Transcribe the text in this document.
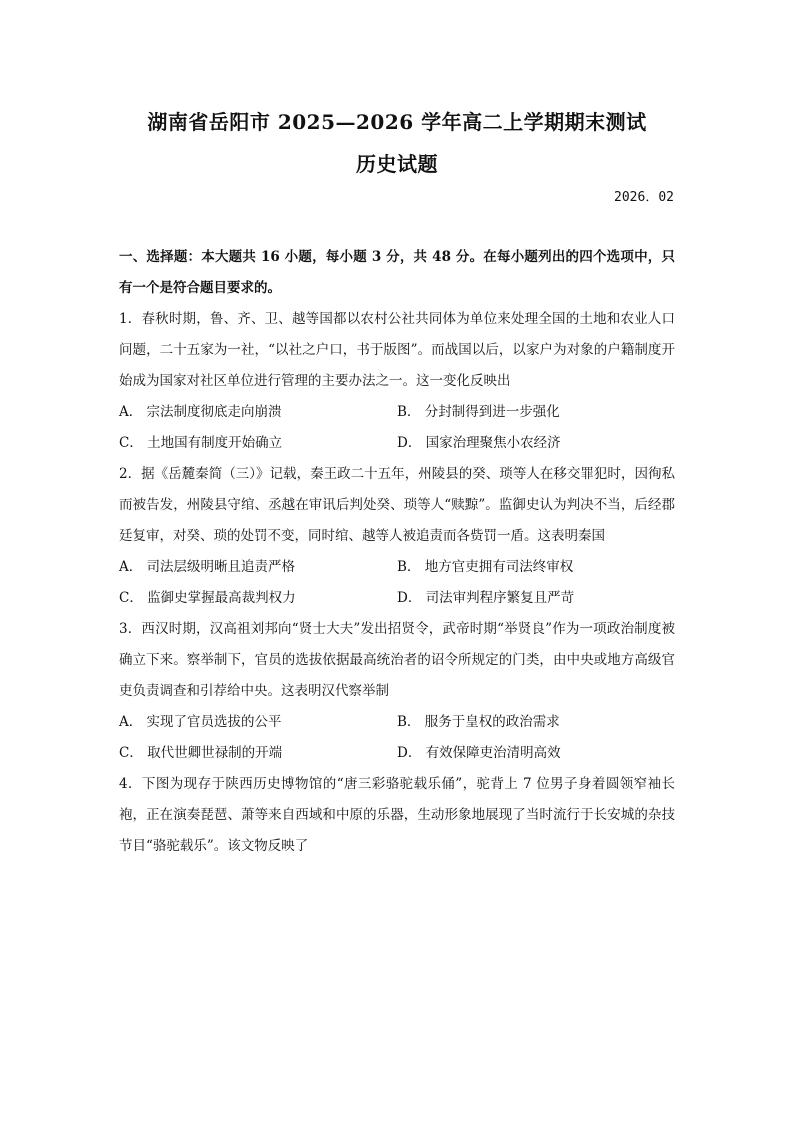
湖南省岳阳市 2025—2026 学年高二上学期期末测试
历史试题
2026．02
一、选择题：本大题共 16 小题，每小题 3 分，共 48 分。在每小题列出的四个选项中，只有一个是符合题目要求的。
1．春秋时期，鲁、齐、卫、越等国都以农村公社共同体为单位来处理全国的土地和农业人口问题，二十五家为一社，“以社之户口，书于版图”。而战国以后，以家户为对象的户籍制度开始成为国家对社区单位进行管理的主要办法之一。这一变化反映出
A． 宗法制度彻底走向崩溃	B． 分封制得到进一步强化
C． 土地国有制度开始确立	D． 国家治理聚焦小农经济
2．据《岳麓秦简（三）》记载，秦王政二十五年，州陵县的癸、琐等人在移交罪犯时，因徇私而被告发，州陵县守绾、丞越在审讯后判处癸、琐等人“赎黥”。监御史认为判决不当，后经郡廷复审，对癸、琐的处罚不变，同时绾、越等人被追责而各赀罚一盾。这表明秦国
A． 司法层级明晰且追责严格	B． 地方官吏拥有司法终审权
C． 监御史掌握最高裁判权力	D． 司法审判程序繁复且严苛
3．西汉时期，汉高祖刘邦向“贤士大夫”发出招贤令，武帝时期“举贤良”作为一项政治制度被确立下来。察举制下，官员的选拔依据最高统治者的诏令所规定的门类，由中央或地方高级官吏负责调查和引荐给中央。这表明汉代察举制
A． 实现了官员选拔的公平	B． 服务于皇权的政治需求
C． 取代世卿世禄制的开端	D． 有效保障吏治清明高效
4．下图为现存于陕西历史博物馆的“唐三彩骆驼载乐俑”，驼背上 7 位男子身着圆领窄袖长袍，正在演奏琵琶、萧等来自西域和中原的乐器，生动形象地展现了当时流行于长安城的杂技节目“骆驼载乐”。该文物反映了
